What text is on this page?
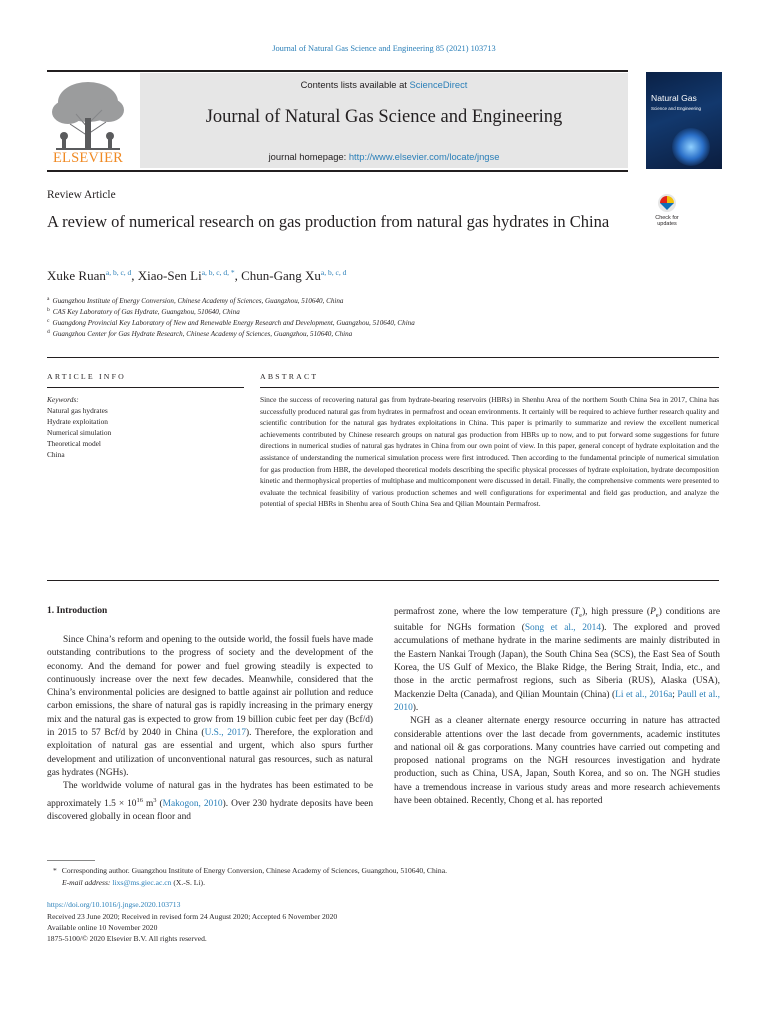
Journal of Natural Gas Science and Engineering 85 (2021) 103713
Contents lists available at ScienceDirect
Journal of Natural Gas Science and Engineering
journal homepage: http://www.elsevier.com/locate/jngse
ELSEVIER
Natural Gas
Science and Engineering
Review Article
A review of numerical research on gas production from natural gas hydrates in China	Check for
updates
Xuke Ruan$^{a, b, c, d}$, Xiao-Sen $Li^{a, b, c, d, *}$, Chun-Gang Xu$^{a, b, c, d}$
$^a$ Guangzhou Institute of Energy Conversion, Chinese Academy of Sciences, Guangzhou, 510640, China
$^b$ CAS Key Laboratory of Gas Hydrate, Guangzhou, 510640, China
$^c$ Guangdong Provincial Key Laboratory of New and Renewable Energy Research and Development, Guangzhou, 510640, China
$^d$ Guangzhou Center for Gas Hydrate Research, Chinese Academy of Sciences, Guangzhou, 510640, China
ARTICLE INFO
Keywords:
Natural gas hydrates
Hydrate exploitation
Numerical simulation
Theoretical model
China
ABSTRACT
Since the success of recovering natural gas from hydrate-bearing reservoirs (HBRs) in Shenhu Area of the northern South China Sea in 2017, China has successfully produced natural gas from hydrates in permafrost and ocean environments. It certainly will be required to achieve further research quality and scientific contribution for the natural gas hydrates exploitations in China. This paper is primarily to summarize and review the excellent numerical achievements contributed by Chinese research groups on natural gas production from HBRs up to now, and to put forward some suggestions for future directions in numerical studies of natural gas hydrates in China from our own point of view. In this paper, general concept of hydrate exploitation and the assistance of understanding the numerical simulation process were first introduced. Then according to the fundamental principle of numerical simulation for gas production from HBR, the developed theoretical models describing the specific physical processes of hydrate exploitation, hydrate decomposition kinetic and thermophysical properties of multiphase and multicomponent were discussed in detail. Finally, the comprehensive comments were presented to evaluate the technical feasibility of various production schemes and well configurations for experimental and field gas production, and analyze the potential of special HBRs in Shenhu area of South China Sea and Qilian Mountain Permafrost.
1. Introduction

Since China’s reform and opening to the outside world, the fossil fuels have made outstanding contributions to the progress of society and the development of the economy. And the demand for power and fuel growing steadily is expected to continuously increase over the next few decades. Meanwhile, considered that the China’s environmental policies are designed to battle against air pollution and reduce carbon emissions, the share of natural gas is rapidly increasing in the primary energy mix and the natural gas is expected to grow from 19 billion cubic feet per day (Bcf/d) in 2015 to 57 Bcf/d by 2040 in China (U.S., 2017). Therefore, the exploration and exploitation of natural gas are essential and urgent, which also spurs further development and utilization of unconventional natural gas resources, such as natural gas hydrates (NGHs).

The worldwide volume of natural gas in the hydrates has been estimated to be approximately $1.5 \times 10^{16}$ $m^3$ (Makogon, 2010). Over 230 hydrate deposits have been discovered globally in ocean floor and

permafrost zone, where the low temperature $(T_e)$, high pressure $(P_e)$ conditions are suitable for NGHs formation (Song et al., 2014). The explored and proved accumulations of methane hydrate in the marine sediments are mainly distributed in the Eastern Nankai Trough (Japan), the South China Sea (SCS), the East Sea of South Korea, the US Gulf of Mexico, the Blake Ridge, the Bering Strait, India, etc., and those in the arctic permafrost regions, such as Siberia (RUS), Alaska (USA), Mackenzie Delta (Canada), and Qilian Mountain (China) (Li et al., 2016a; Paull et al., 2010).

NGH as a cleaner alternate energy resource occurring in nature has attracted considerable attentions over the last decade from governments, academic institutes and national oil & gas corporations. Many countries have carried out competing and proposed national programs on the NGH resources investigation and hydrate production, such as China, USA, Japan, South Korea, and so on. The NGH studies have a tremendous increase in various study areas and more research achievements have been obtained. Recently, Chong et al. has reported

* Corresponding author. Guangzhou Institute of Energy Conversion, Chinese Academy of Sciences, Guangzhou, 510640, China.
E-mail address: lixs@ms.giec.ac.cn (X.-S. Li).
https://doi.org/10.1016/j.jngse.2020.103713
Received 23 June 2020; Received in revised form 24 August 2020; Accepted 6 November 2020
Available online 10 November 2020
1875-5100/© 2020 Elsevier B.V. All rights reserved.
